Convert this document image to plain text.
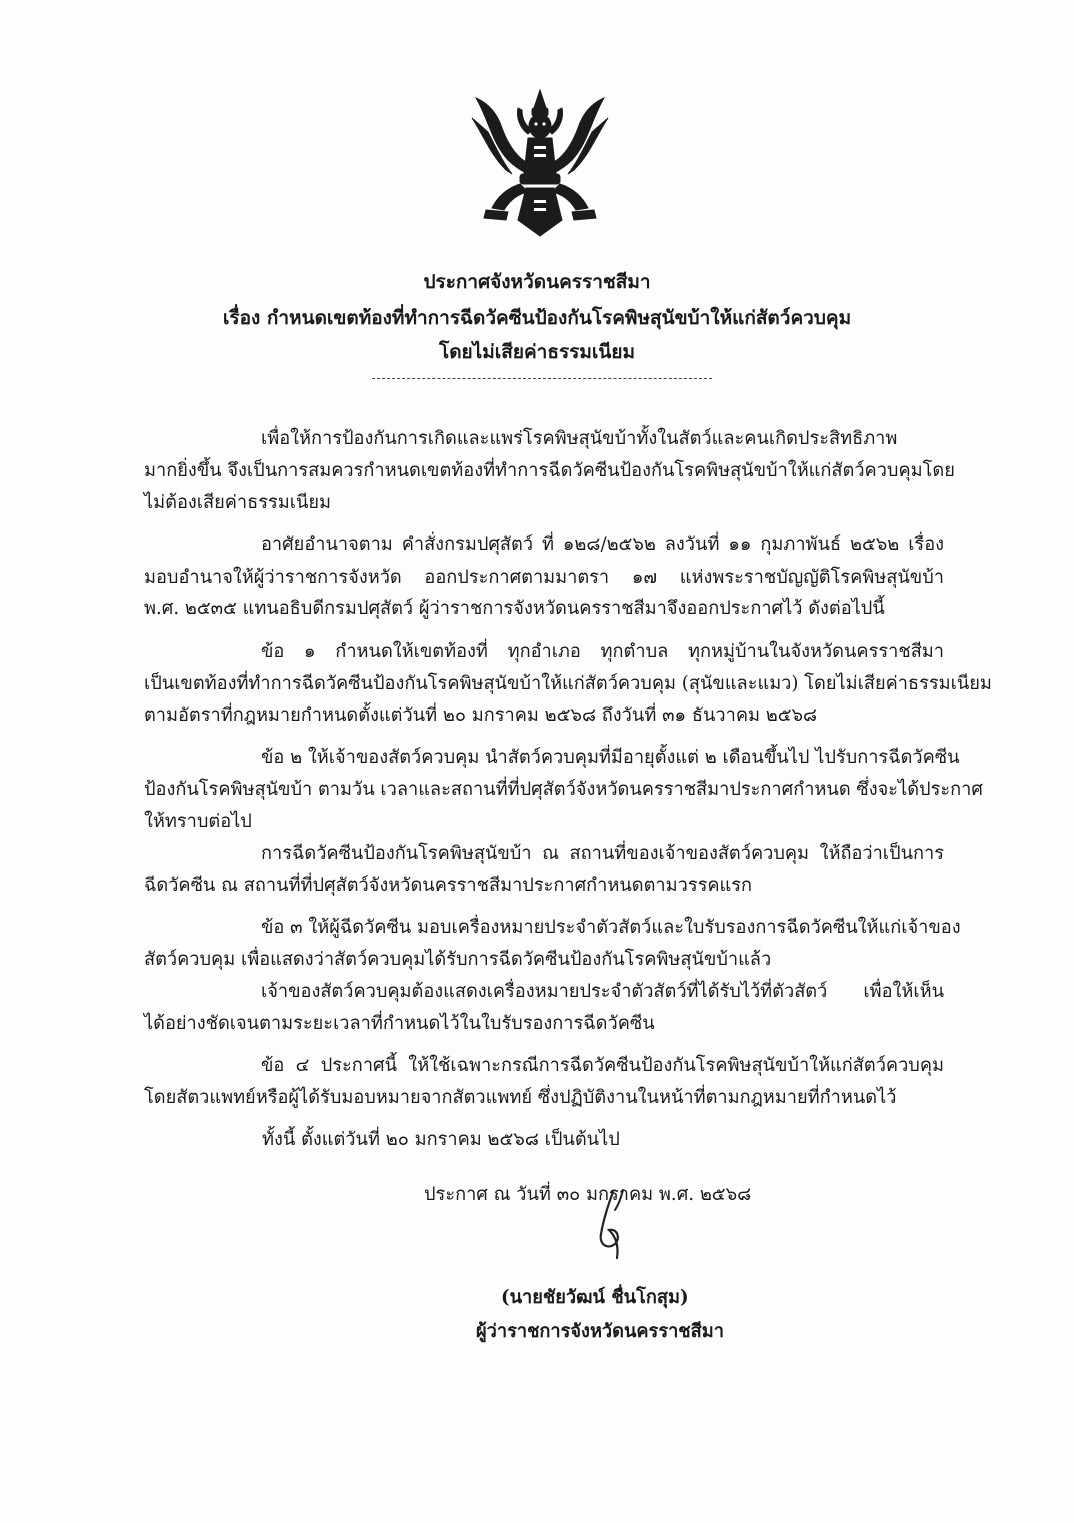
ประกาศจังหวัดนครราชสีมา
เรื่อง กำหนดเขตท้องที่ทำการฉีดวัคซีนป้องกันโรคพิษสุนัขบ้าให้แก่สัตว์ควบคุม
โดยไม่เสียค่าธรรมเนียม
เพื่อให้การป้องกันการเกิดและแพร่โรคพิษสุนัขบ้าทั้งในสัตว์และคนเกิดประสิทธิภาพ
มากยิ่งขึ้น จึงเป็นการสมควรกำหนดเขตท้องที่ทำการฉีดวัคซีนป้องกันโรคพิษสุนัขบ้าให้แก่สัตว์ควบคุมโดย
ไม่ต้องเสียค่าธรรมเนียม
อาศัยอำนาจตาม คำสั่งกรมปศุสัตว์ ที่ ๑๒๘/๒๕๖๒ ลงวันที่ ๑๑ กุมภาพันธ์ ๒๕๖๒ เรื่อง
มอบอำนาจให้ผู้ว่าราชการจังหวัด ออกประกาศตามมาตรา ๑๗ แห่งพระราชบัญญัติโรคพิษสุนัขบ้า
พ.ศ. ๒๕๓๕ แทนอธิบดีกรมปศุสัตว์ ผู้ว่าราชการจังหวัดนครราชสีมาจึงออกประกาศไว้ ดังต่อไปนี้
ข้อ ๑ กำหนดให้เขตท้องที่ ทุกอำเภอ ทุกตำบล ทุกหมู่บ้านในจังหวัดนครราชสีมา
เป็นเขตท้องที่ทำการฉีดวัคซีนป้องกันโรคพิษสุนัขบ้าให้แก่สัตว์ควบคุม (สุนัขและแมว) โดยไม่เสียค่าธรรมเนียม
ตามอัตราที่กฎหมายกำหนดตั้งแต่วันที่ ๒๐ มกราคม ๒๕๖๘ ถึงวันที่ ๓๑ ธันวาคม ๒๕๖๘
ข้อ ๒ ให้เจ้าของสัตว์ควบคุม นำสัตว์ควบคุมที่มีอายุตั้งแต่ ๒ เดือนขึ้นไป ไปรับการฉีดวัคซีน
ป้องกันโรคพิษสุนัขบ้า ตามวัน เวลาและสถานที่ที่ปศุสัตว์จังหวัดนครราชสีมาประกาศกำหนด ซึ่งจะได้ประกาศ
ให้ทราบต่อไป
การฉีดวัคซีนป้องกันโรคพิษสุนัขบ้า ณ สถานที่ของเจ้าของสัตว์ควบคุม ให้ถือว่าเป็นการ
ฉีดวัคซีน ณ สถานที่ที่ปศุสัตว์จังหวัดนครราชสีมาประกาศกำหนดตามวรรคแรก
ข้อ ๓ ให้ผู้ฉีดวัคซีน มอบเครื่องหมายประจำตัวสัตว์และใบรับรองการฉีดวัคซีนให้แก่เจ้าของ
สัตว์ควบคุม เพื่อแสดงว่าสัตว์ควบคุมได้รับการฉีดวัคซีนป้องกันโรคพิษสุนัขบ้าแล้ว
เจ้าของสัตว์ควบคุมต้องแสดงเครื่องหมายประจำตัวสัตว์ที่ได้รับไว้ที่ตัวสัตว์ เพื่อให้เห็น
ได้อย่างชัดเจนตามระยะเวลาที่กำหนดไว้ในใบรับรองการฉีดวัคซีน
ข้อ ๔ ประกาศนี้ ให้ใช้เฉพาะกรณีการฉีดวัคซีนป้องกันโรคพิษสุนัขบ้าให้แก่สัตว์ควบคุม
โดยสัตวแพทย์หรือผู้ได้รับมอบหมายจากสัตวแพทย์ ซึ่งปฏิบัติงานในหน้าที่ตามกฎหมายที่กำหนดไว้
ทั้งนี้ ตั้งแต่วันที่ ๒๐ มกราคม ๒๕๖๘ เป็นต้นไป
ประกาศ ณ วันที่ ๓๐ มกราคม พ.ศ. ๒๕๖๘
(นายชัยวัฒน์ ชื่นโกสุม)
ผู้ว่าราชการจังหวัดนครราชสีมา
